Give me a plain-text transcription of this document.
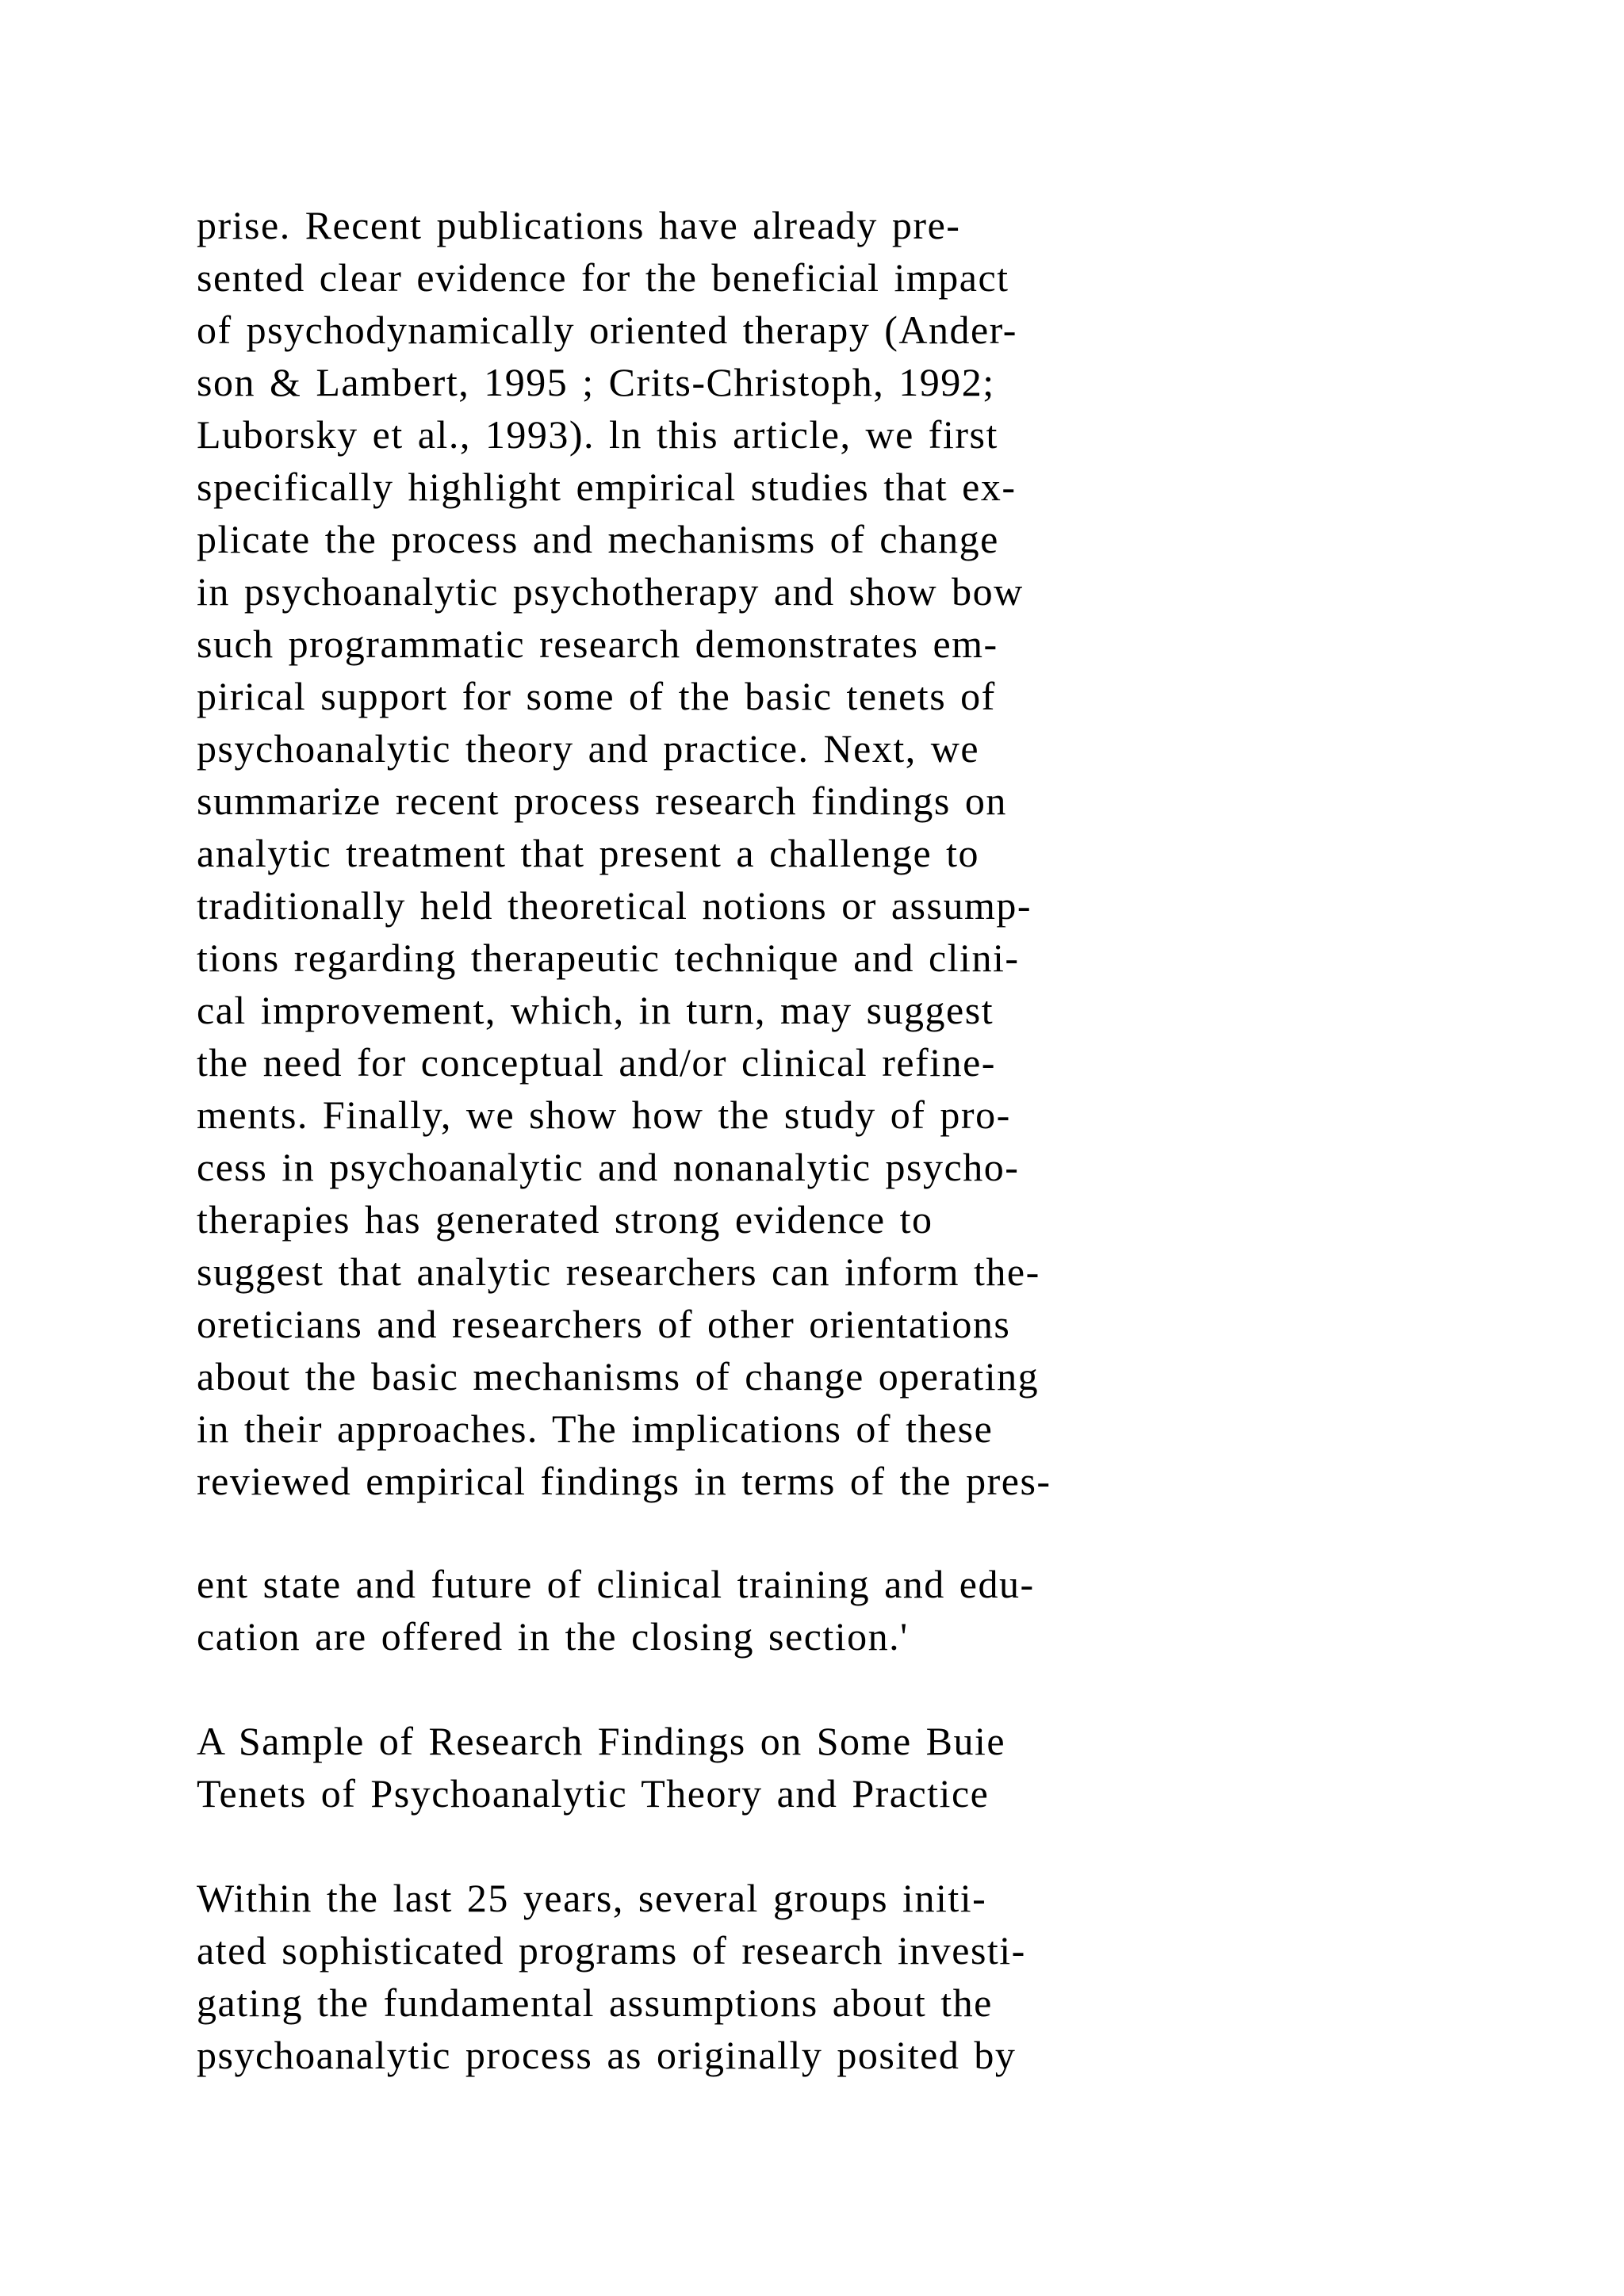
prise. Recent publications have already pre-
sented clear evidence for the beneficial impact
of psychodynamically oriented therapy (Ander-
son & Lambert, 1995 ; Crits-Christoph, 1992;
Luborsky et al., 1993). ln this article, we first
specifically highlight empirical studies that ex-
plicate the process and mechanisms of change
in psychoanalytic psychotherapy and show bow
such programmatic research demonstrates em-
pirical support for some of the basic tenets of
psychoanalytic theory and practice. Next, we
summarize recent process research findings on
analytic treatment that present a challenge to
traditionally held theoretical notions or assump-
tions regarding therapeutic technique and clini-
cal improvement, which, in turn, may suggest
the need for conceptual and/or clinical refine-
ments. Finally, we show how the study of pro-
cess in psychoanalytic and nonanalytic psycho-
therapies has generated strong evidence to
suggest that analytic researchers can inform the-
oreticians and researchers of other orientations
about the basic mechanisms of change operating
in their approaches. The implications of these
reviewed empirical findings in terms of the pres-
ent state and future of clinical training and edu-
cation are offered in the closing section.'
A Sample of Research Findings on Some Buie
Tenets of Psychoanalytic Theory and Practice
Within the last 25 years, several groups initi-
ated sophisticated programs of research investi-
gating the fundamental assumptions about the
psychoanalytic process as originally posited by
